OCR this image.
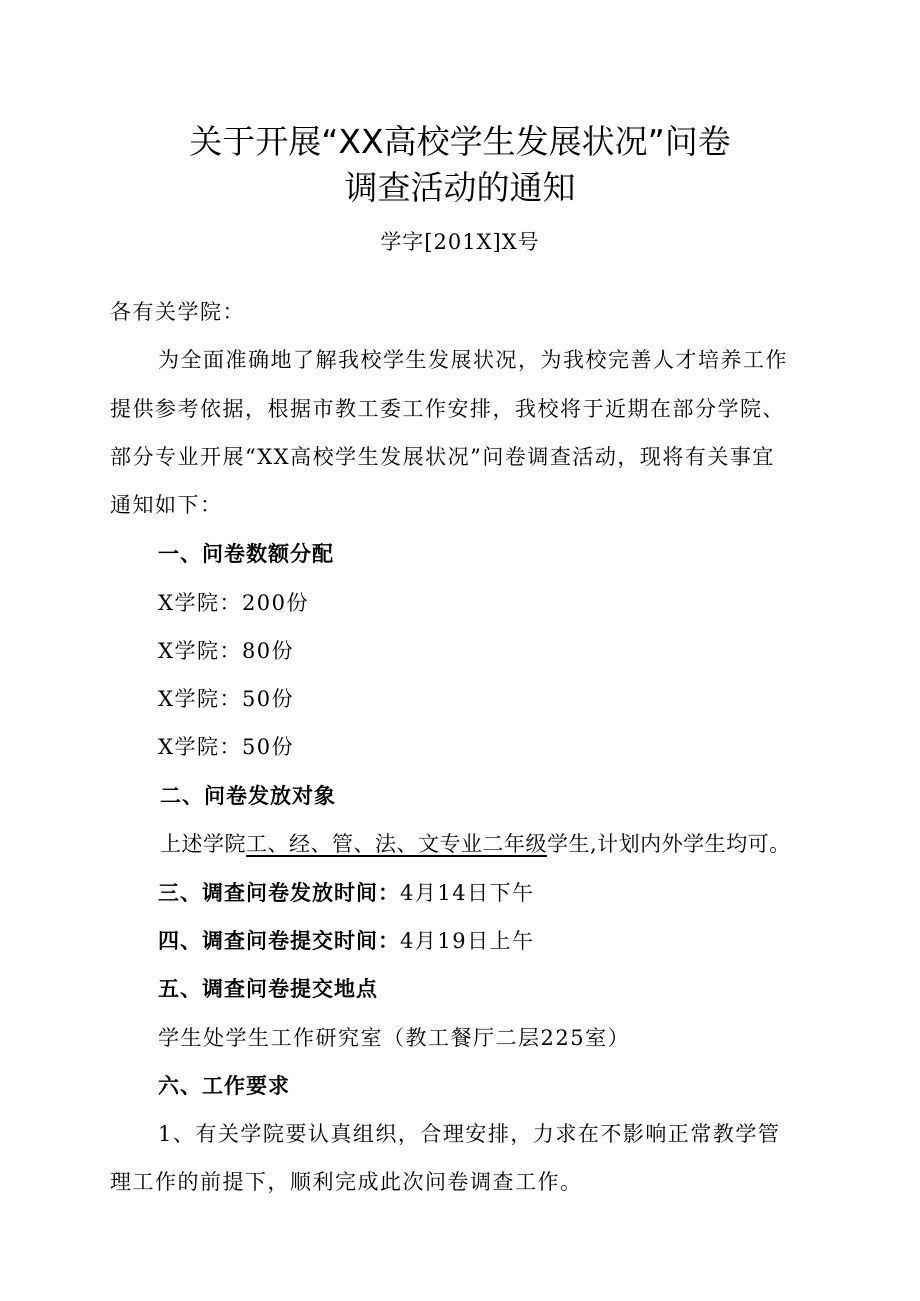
关于开展“XX高校学生发展状况”问卷
调查活动的通知
学字[201X]X号
各有关学院：
为全面准确地了解我校学生发展状况，为我校完善人才培养工作
提供参考依据，根据市教工委工作安排，我校将于近期在部分学院、
部分专业开展“XX高校学生发展状况”问卷调查活动，现将有关事宜
通知如下：
一、问卷数额分配
X学院：200份
X学院：80份
X学院：50份
X学院：50份
二、问卷发放对象
上述学院工、经、管、法、文专业二年级学生,计划内外学生均可。
三、调查问卷发放时间：4月14日下午
四、调查问卷提交时间：4月19日上午
五、调查问卷提交地点
学生处学生工作研究室（教工餐厅二层225室）
六、工作要求
1、有关学院要认真组织，合理安排，力求在不影响正常教学管
理工作的前提下，顺利完成此次问卷调查工作。
